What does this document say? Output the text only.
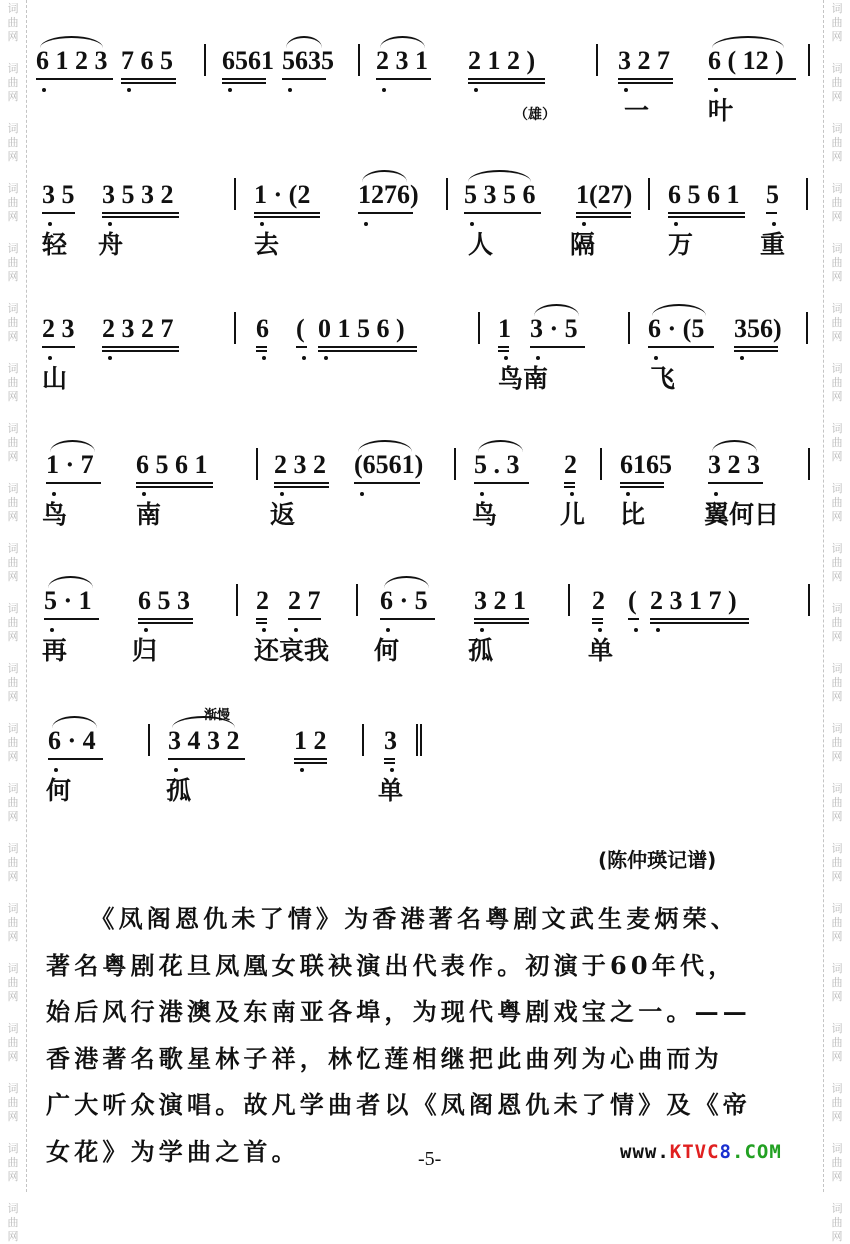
词
曲
网
词
曲
网
词
曲
网
词
曲
网
词
曲
网
词
曲
网
词
曲
网
词
曲
网
词
曲
网
词
曲
网
词
曲
网
词
曲
网
词
曲
网
词
曲
网
词
曲
网
词
曲
网
词
曲
网
词
曲
网
词
曲
网
词
曲
网
词
曲
网
词
曲
网
词
曲
网
词
曲
网
词
曲
网
词
曲
网
词
曲
网
词
曲
网
词
曲
网
词
曲
网
词
曲
网
词
曲
网
词
曲
网
词
曲
网
词
曲
网
词
曲
网
词
曲
网
词
曲
网
词
曲
网
词
曲
网
词
曲
网
词
曲
网
6 1 2 3 7 6 5 6561 5635 2 3 1 2 1 2 )	3 2 7 6 ( 12 )
（雄）	一 叶
3 5 3 5 3 2	1 · (2 1276) 5 3 5 6 1(27) 6 5 6 1 5
轻 舟	去	人	隔	万	重
2 3 2 3 2 7	6 ( 0 1 5 6 )	1 3 · 5	6 · (5 356)
山	鸟南	飞
1 · 7 6 5 6 1	2 3 2 (6561) 5 . 3 2 6165 3 2 3
鸟	南	返	鸟	儿 比 翼何日
5 · 1 6 5 3	2 2 7 6 · 5 3 2 1	2 ( 2 3 1 7 )
再	归	还哀我 何	孤	单
6 · 4	3 4 3 2 1 2 3
渐慢
何	孤	单
(陈仲瑛记谱)

　　《凤阁恩仇未了情》为香港著名粤剧文武生麦炳荣、

著名粤剧花旦凤凰女联袂演出代表作。初演于60年代，

始后风行港澳及东南亚各埠，为现代粤剧戏宝之一。——

香港著名歌星林子祥，林忆莲相继把此曲列为心曲而为

广大听众演唱。故凡学曲者以《凤阁恩仇未了情》及《帝

女花》为学曲之首。	-5-	www.KTVC8.COM
